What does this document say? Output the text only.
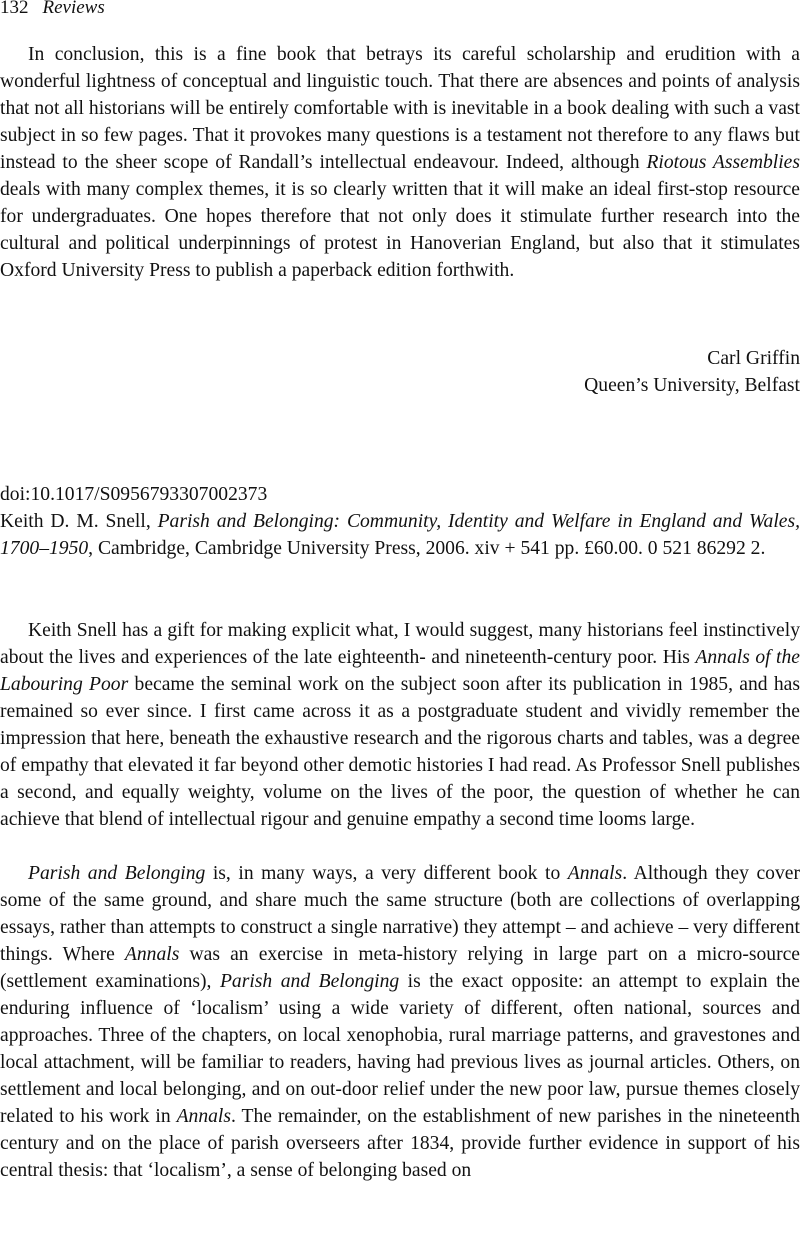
132 Reviews

In conclusion, this is a fine book that betrays its careful scholarship and erudition with a wonderful lightness of conceptual and linguistic touch. That there are absences and points of analysis that not all historians will be entirely comfortable with is inevitable in a book dealing with such a vast subject in so few pages. That it provokes many questions is a testament not therefore to any flaws but instead to the sheer scope of Randall’s intellectual endeavour. Indeed, although Riotous Assemblies deals with many complex themes, it is so clearly written that it will make an ideal first-stop resource for undergraduates. One hopes therefore that not only does it stimulate further research into the cultural and political underpinnings of protest in Hanoverian England, but also that it stimulates Oxford University Press to publish a paperback edition forthwith.

Carl Griffin
Queen’s University, Belfast
doi:10.1017/S0956793307002373

Keith D. M. Snell, Parish and Belonging: Community, Identity and Welfare in England and Wales, 1700–1950, Cambridge, Cambridge University Press, 2006. xiv + 541 pp. £60.00. 0 521 86292 2.

Keith Snell has a gift for making explicit what, I would suggest, many historians feel instinctively about the lives and experiences of the late eighteenth- and nineteenth-century poor. His Annals of the Labouring Poor became the seminal work on the subject soon after its publication in 1985, and has remained so ever since. I first came across it as a postgraduate student and vividly remember the impression that here, beneath the exhaustive research and the rigorous charts and tables, was a degree of empathy that elevated it far beyond other demotic histories I had read. As Professor Snell publishes a second, and equally weighty, volume on the lives of the poor, the question of whether he can achieve that blend of intellectual rigour and genuine empathy a second time looms large.

Parish and Belonging is, in many ways, a very different book to Annals. Although they cover some of the same ground, and share much the same structure (both are collections of overlapping essays, rather than attempts to construct a single narrative) they attempt – and achieve – very different things. Where Annals was an exercise in meta-history relying in large part on a micro-source (settlement examinations), Parish and Belonging is the exact opposite: an attempt to explain the enduring influence of ‘localism’ using a wide variety of different, often national, sources and approaches. Three of the chapters, on local xenophobia, rural marriage patterns, and gravestones and local attachment, will be familiar to readers, having had previous lives as journal articles. Others, on settlement and local belonging, and on out-door relief under the new poor law, pursue themes closely related to his work in Annals. The remainder, on the establishment of new parishes in the nineteenth century and on the place of parish overseers after 1834, provide further evidence in support of his central thesis: that ‘localism’, a sense of belonging based on
